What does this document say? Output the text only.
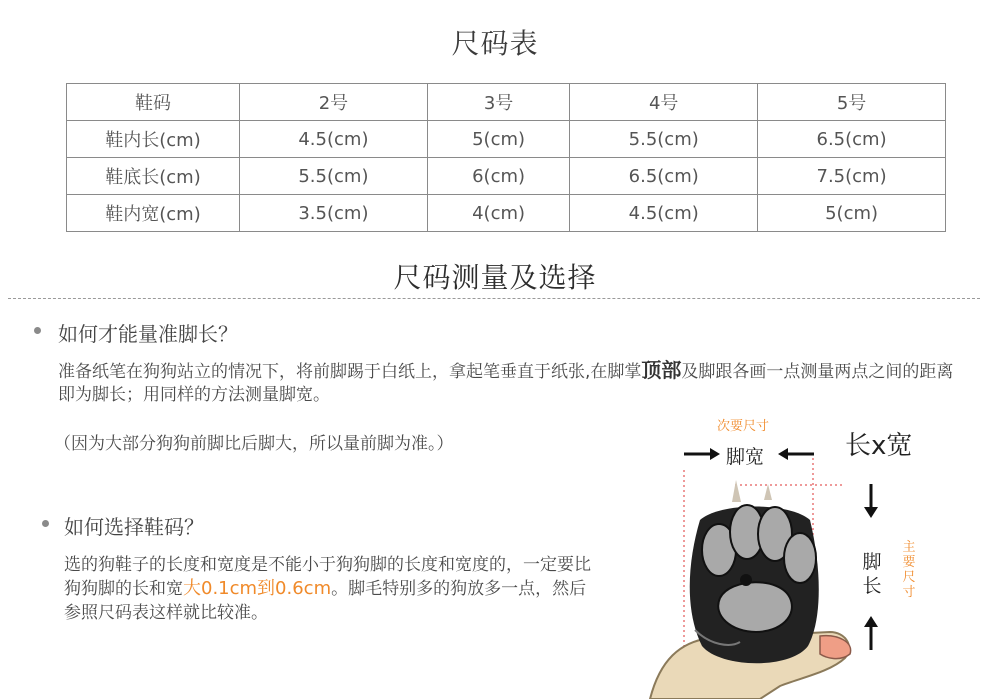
尺码表
鞋码	2号	3号	4号	5号
鞋内长(cm)	4.5(cm)	5(cm)	5.5(cm)	6.5(cm)
鞋底长(cm)	5.5(cm)	6(cm)	6.5(cm)	7.5(cm)
鞋内宽(cm)	3.5(cm)	4(cm)	4.5(cm)	5(cm)
尺码测量及选择
如何才能量准脚长？
准备纸笔在狗狗站立的情况下，将前脚踢于白纸上，拿起笔垂直于纸张,在脚掌顶部及脚跟各画一点测量两点之间的距离即为脚长；用同样的方法测量脚宽。
（因为大部分狗狗前脚比后脚大，所以量前脚为准。）
如何选择鞋码？
选的狗鞋子的长度和宽度是不能小于狗狗脚的长度和宽度的，一定要比狗狗脚的长和宽大0.1cm到0.6cm。脚毛特别多的狗放多一点，然后参照尺码表这样就比较准。
次要尺寸
脚宽	长x宽
脚长
主要尺寸
